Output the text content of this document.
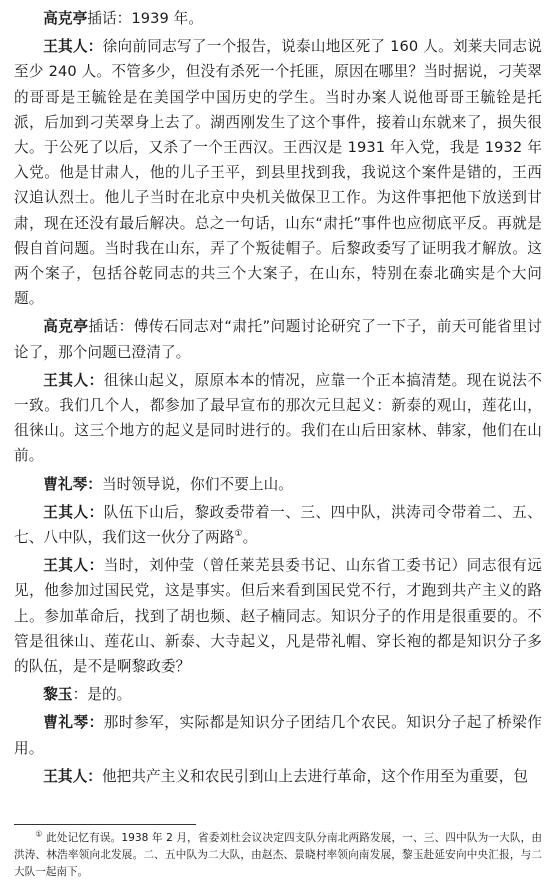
高克亭插话：1939 年。

王其人：徐向前同志写了一个报告，说泰山地区死了 160 人。刘莱夫同志说至少 240 人。不管多少，但没有杀死一个托匪，原因在哪里？当时据说，刁芙翠的哥哥是王毓铨是在美国学中国历史的学生。当时办案人说他哥哥王毓铨是托派，后加到刁芙翠身上去了。湖西刚发生了这个事件，接着山东就来了，损失很大。于公死了以后，又杀了一个王西汉。王西汉是 1931 年入党，我是 1932 年入党。他是甘肃人，他的儿子王平，到县里找到我，我说这个案件是错的，王西汉追认烈士。他儿子当时在北京中央机关做保卫工作。为这件事把他下放送到甘肃，现在还没有最后解决。总之一句话，山东“肃托”事件也应彻底平反。再就是假自首问题。当时我在山东，弄了个叛徒帽子。后黎政委写了证明我才解放。这两个案子，包括谷乾同志的共三个大案子，在山东，特别在泰北确实是个大问题。

高克亭插话：傅传石同志对“肃托”问题讨论研究了一下子，前天可能省里讨论了，那个问题已澄清了。

王其人：徂徕山起义，原原本本的情况，应靠一个正本搞清楚。现在说法不一致。我们几个人，都参加了最早宣布的那次元旦起义：新泰的观山，莲花山，徂徕山。这三个地方的起义是同时进行的。我们在山后田家林、韩家，他们在山前。

曹礼琴：当时领导说，你们不要上山。

王其人：队伍下山后，黎政委带着一、三、四中队，洪涛司令带着二、五、七、八中队，我们这一伙分了两路①。

王其人：当时，刘仲莹（曾任莱芜县委书记、山东省工委书记）同志很有远见，他参加过国民党，这是事实。但后来看到国民党不行，才跑到共产主义的路上。参加革命后，找到了胡也频、赵子楠同志。知识分子的作用是很重要的。不管是徂徕山、莲花山、新泰、大寺起义，凡是带礼帽、穿长袍的都是知识分子多的队伍，是不是啊黎政委？

黎玉：是的。

曹礼琴：那时参军，实际都是知识分子团结几个农民。知识分子起了桥梁作用。

王其人：他把共产主义和农民引到山上去进行革命，这个作用至为重要，包

① 此处记忆有误。1938 年 2 月，省委刘杜会议决定四支队分南北两路发展，一、三、四中队为一大队，由洪涛、林浩率领向北发展。二、五中队为二大队，由赵杰、景晓村率领向南发展，黎玉赴延安向中央汇报，与二大队一起南下。
